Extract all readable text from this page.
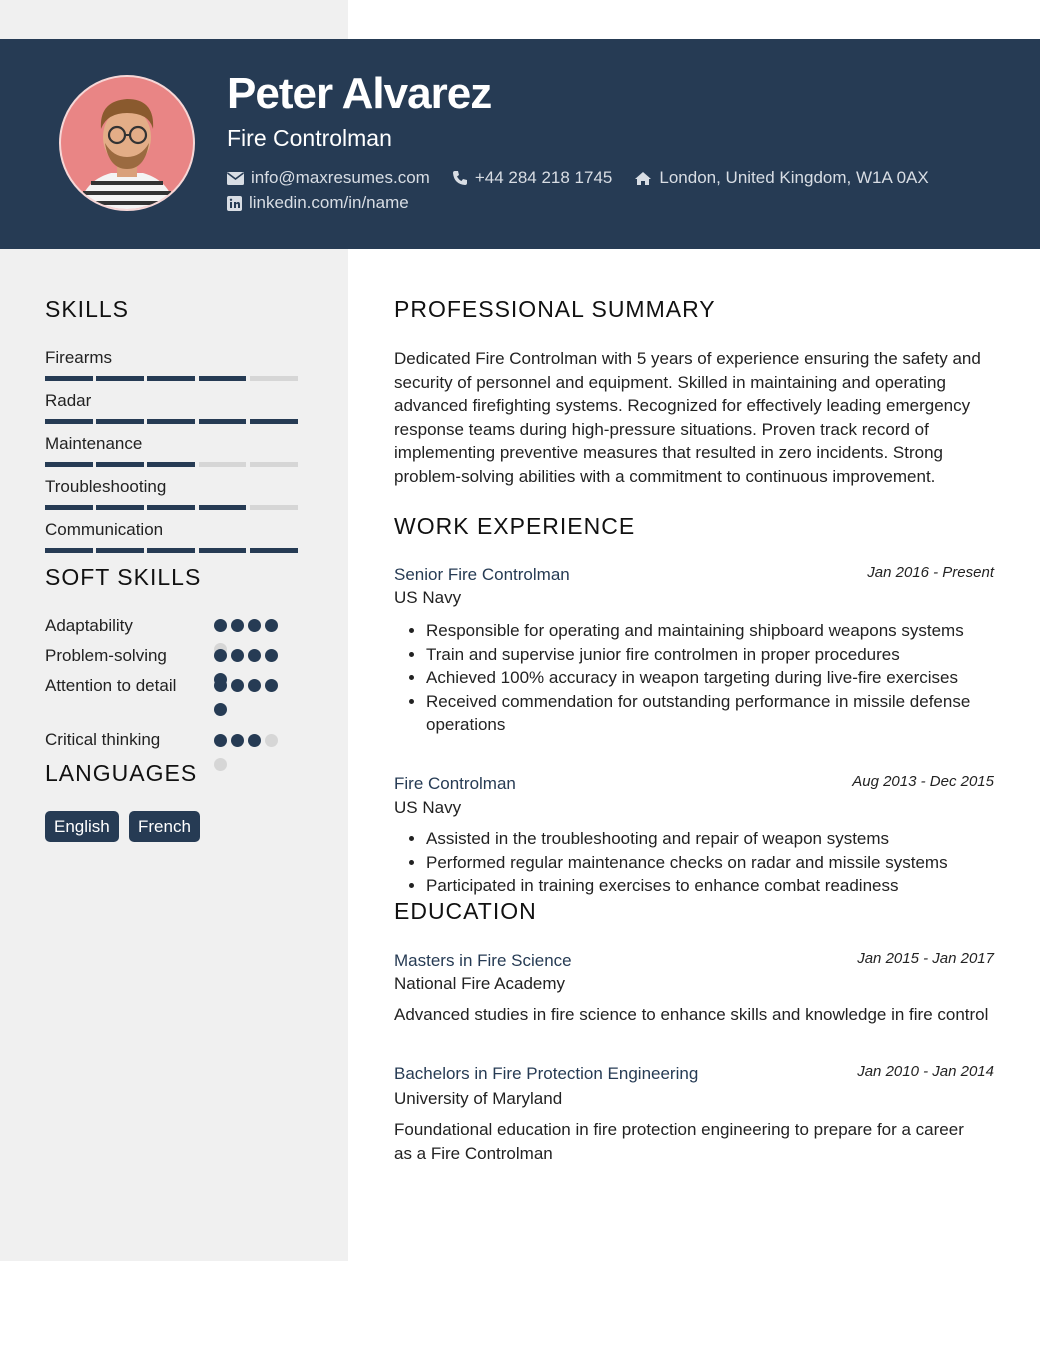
Peter Alvarez
Fire Controlman
info@maxresumes.com	+44 284 218 1745	London, United Kingdom, W1A 0AX
linkedin.com/in/name
SKILLS
Firearms
Radar
Maintenance
Troubleshooting
Communication
SOFT SKILLS
Adaptability
Problem-solving
Attention to detail
Critical thinking
LANGUAGES
English	French
PROFESSIONAL SUMMARY
Dedicated Fire Controlman with 5 years of experience ensuring the safety and security of personnel and equipment. Skilled in maintaining and operating advanced firefighting systems. Recognized for effectively leading emergency response teams during high-pressure situations. Proven track record of implementing preventive measures that resulted in zero incidents. Strong problem-solving abilities with a commitment to continuous improvement.
WORK EXPERIENCE
Senior Fire Controlman	Jan 2016 - Present
US Navy
• Responsible for operating and maintaining shipboard weapons systems
• Train and supervise junior fire controlmen in proper procedures
• Achieved 100% accuracy in weapon targeting during live-fire exercises
• Received commendation for outstanding performance in missile defense operations
Fire Controlman	Aug 2013 - Dec 2015
US Navy
• Assisted in the troubleshooting and repair of weapon systems
• Performed regular maintenance checks on radar and missile systems
• Participated in training exercises to enhance combat readiness
EDUCATION
Masters in Fire Science	Jan 2015 - Jan 2017
National Fire Academy
Advanced studies in fire science to enhance skills and knowledge in fire control
Bachelors in Fire Protection Engineering	Jan 2010 - Jan 2014
University of Maryland
Foundational education in fire protection engineering to prepare for a career as a Fire Controlman
